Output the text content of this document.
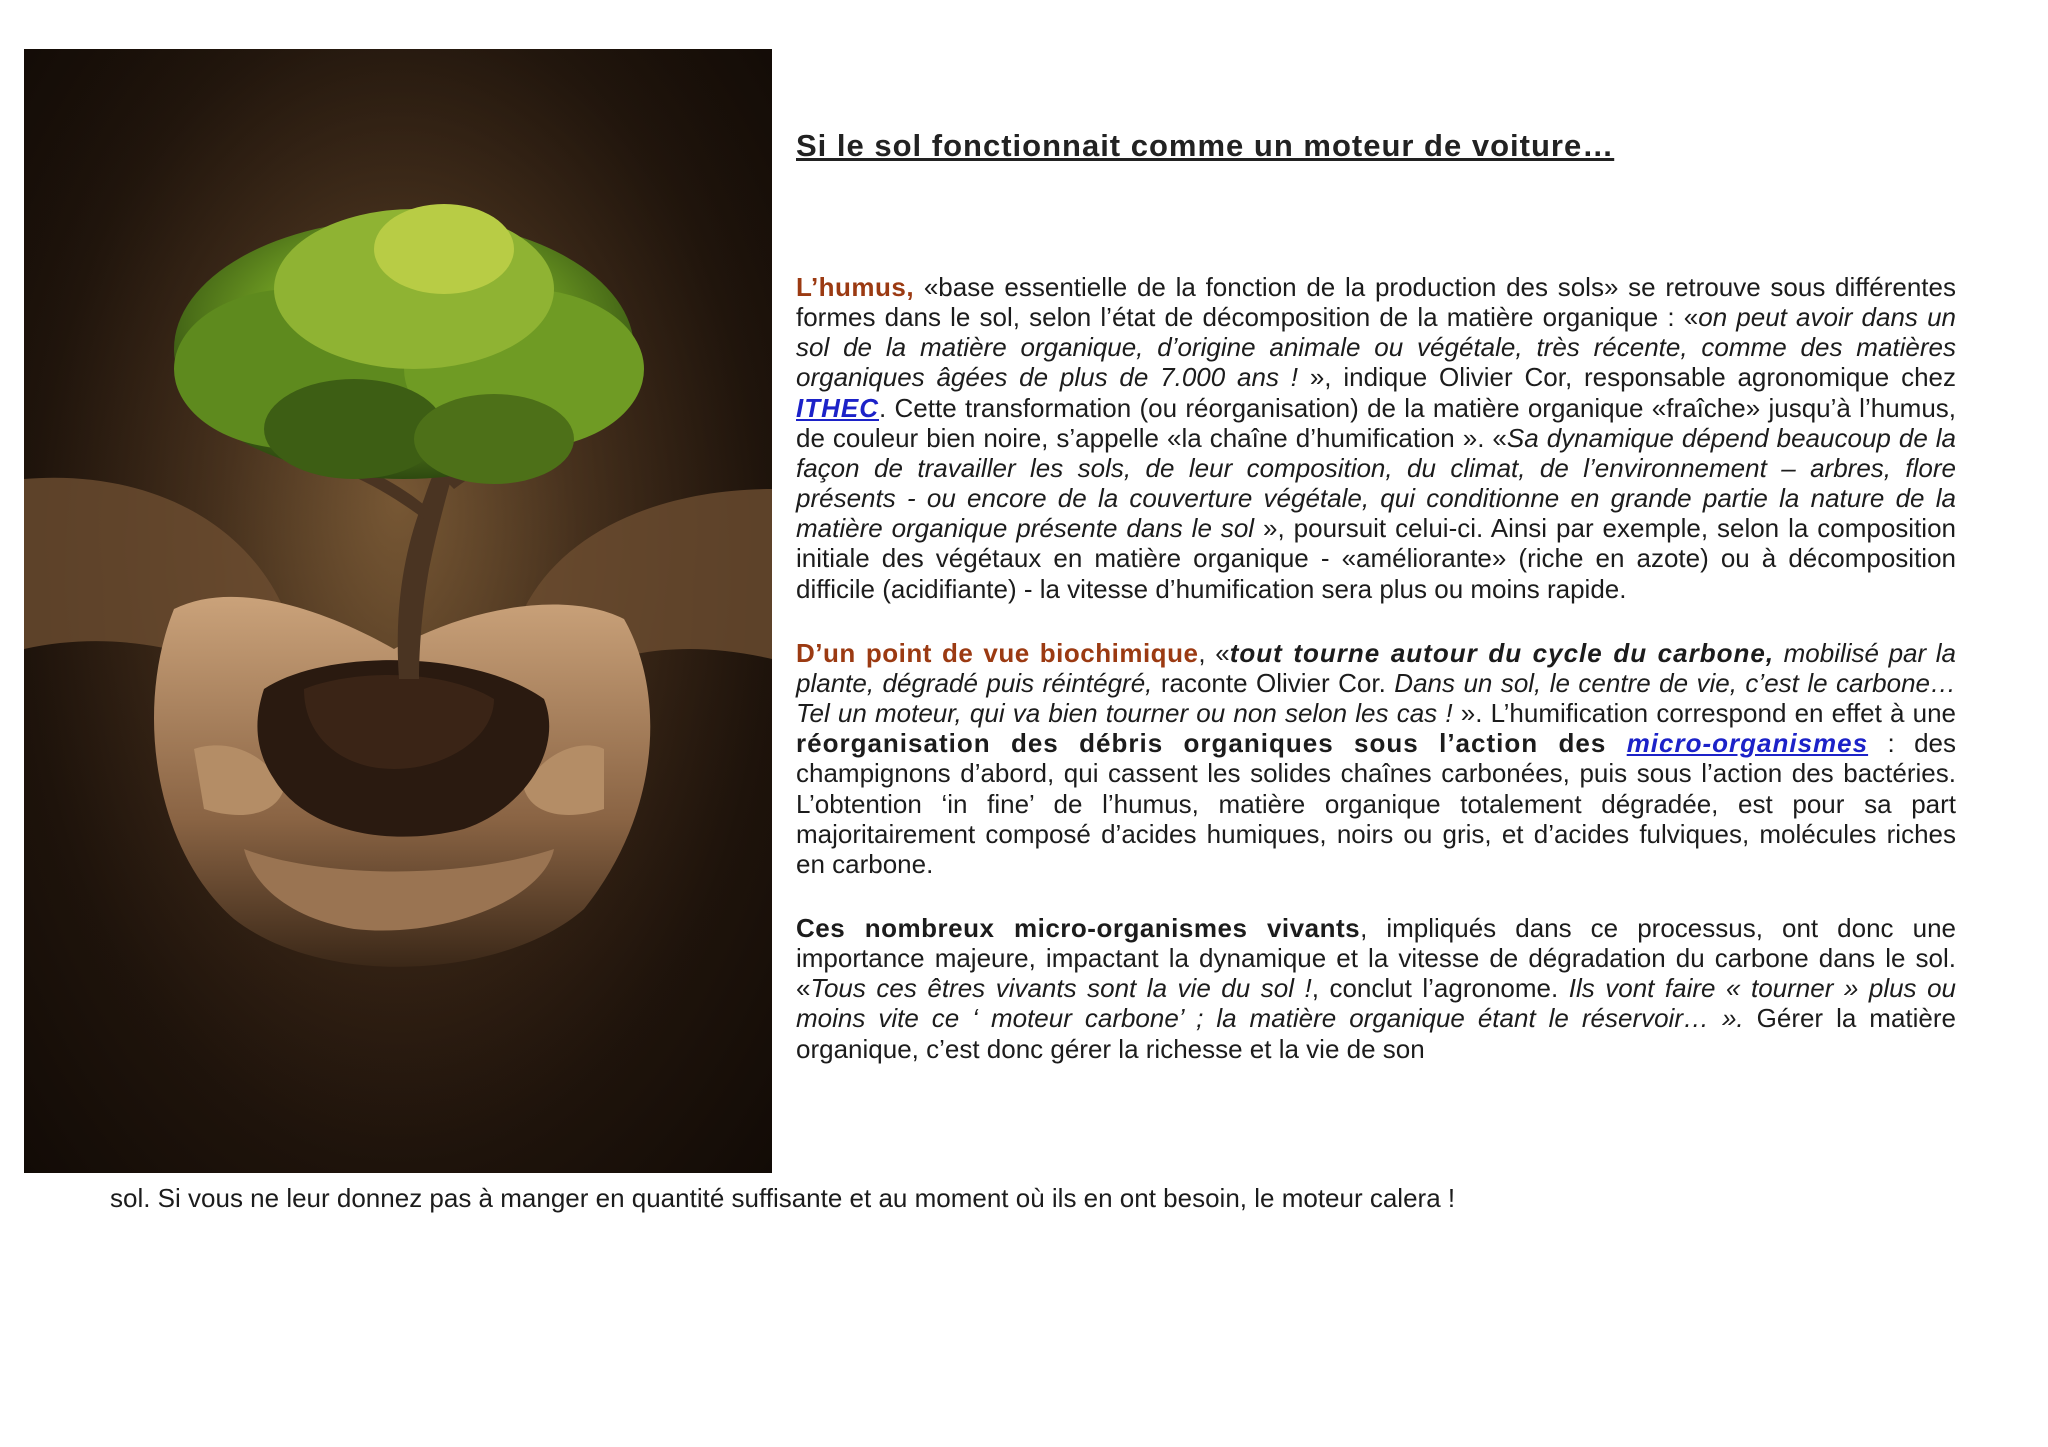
Si le sol fonctionnait comme un moteur de voiture…

L’humus, «base essentielle de la fonction de la production des sols» se retrouve sous différentes formes dans le sol, selon l’état de décomposition de la matière organique : «on peut avoir dans un sol de la matière organique, d’origine animale ou végétale, très récente, comme des matières organiques âgées de plus de 7.000 ans ! », indique Olivier Cor, responsable agronomique chez ITHEC. Cette transformation (ou réorganisation) de la matière organique «fraîche» jusqu’à l’humus, de couleur bien noire, s’appelle «la chaîne d’humification ». «Sa dynamique dépend beaucoup de la façon de travailler les sols, de leur composition, du climat, de l’environnement – arbres, flore présents - ou encore de la couverture végétale, qui conditionne en grande partie la nature de la matière organique présente dans le sol », poursuit celui-ci. Ainsi par exemple, selon la composition initiale des végétaux en matière organique - «améliorante» (riche en azote) ou à décomposition difficile (acidifiante) - la vitesse d’humification sera plus ou moins rapide.

D’un point de vue biochimique, «tout tourne autour du cycle du carbone, mobilisé par la plante, dégradé puis réintégré, raconte Olivier Cor. Dans un sol, le centre de vie, c’est le carbone…Tel un moteur, qui va bien tourner ou non selon les cas ! ». L’humification correspond en effet à une réorganisation des débris organiques sous l’action des micro-organismes : des champignons d’abord, qui cassent les solides chaînes carbonées, puis sous l’action des bactéries. L’obtention ‘in fine’ de l’humus, matière organique totalement dégradée, est pour sa part majoritairement composé d’acides humiques, noirs ou gris, et d’acides fulviques, molécules riches en carbone.

Ces nombreux micro-organismes vivants, impliqués dans ce processus, ont donc une importance majeure, impactant la dynamique et la vitesse de dégradation du carbone dans le sol. «Tous ces êtres vivants sont la vie du sol !, conclut l’agronome. Ils vont faire « tourner » plus ou moins vite ce ‘ moteur carbone’ ; la matière organique étant le réservoir… ». Gérer la matière organique, c’est donc gérer la richesse et la vie de son

sol. Si vous ne leur donnez pas à manger en quantité suffisante et au moment où ils en ont besoin, le moteur calera !
